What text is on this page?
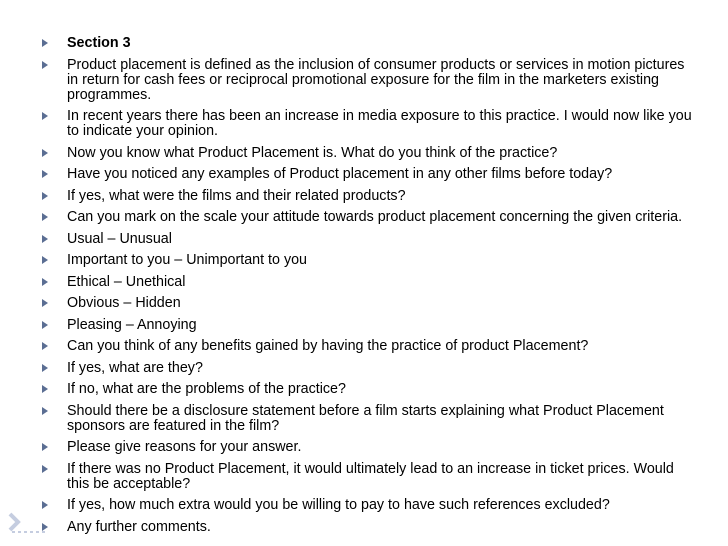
Section 3
Product placement is defined as the inclusion of consumer products or services in motion pictures in return for cash fees or reciprocal promotional exposure for the film in the marketers existing programmes.
In recent years there has been an increase in media exposure to this practice. I would now like you to indicate your opinion.
Now you know what Product Placement is. What do you think of the practice?
Have you noticed any examples of Product placement in any other films before today?
If yes, what were the films and their related products?
Can you mark on the scale your attitude towards product placement concerning the given criteria.
Usual – Unusual
Important to you – Unimportant to you
Ethical – Unethical
Obvious – Hidden
Pleasing – Annoying
Can you think of any benefits gained by having the practice of product Placement?
If yes, what are they?
If no, what are the problems of the practice?
Should there be a disclosure statement before a film starts explaining what Product Placement sponsors are featured in the film?
Please give reasons for your answer.
If there was no Product Placement, it would ultimately lead to an increase in ticket prices. Would this be acceptable?
If yes, how much extra would you be willing to pay to have such references excluded?
Any further comments.
